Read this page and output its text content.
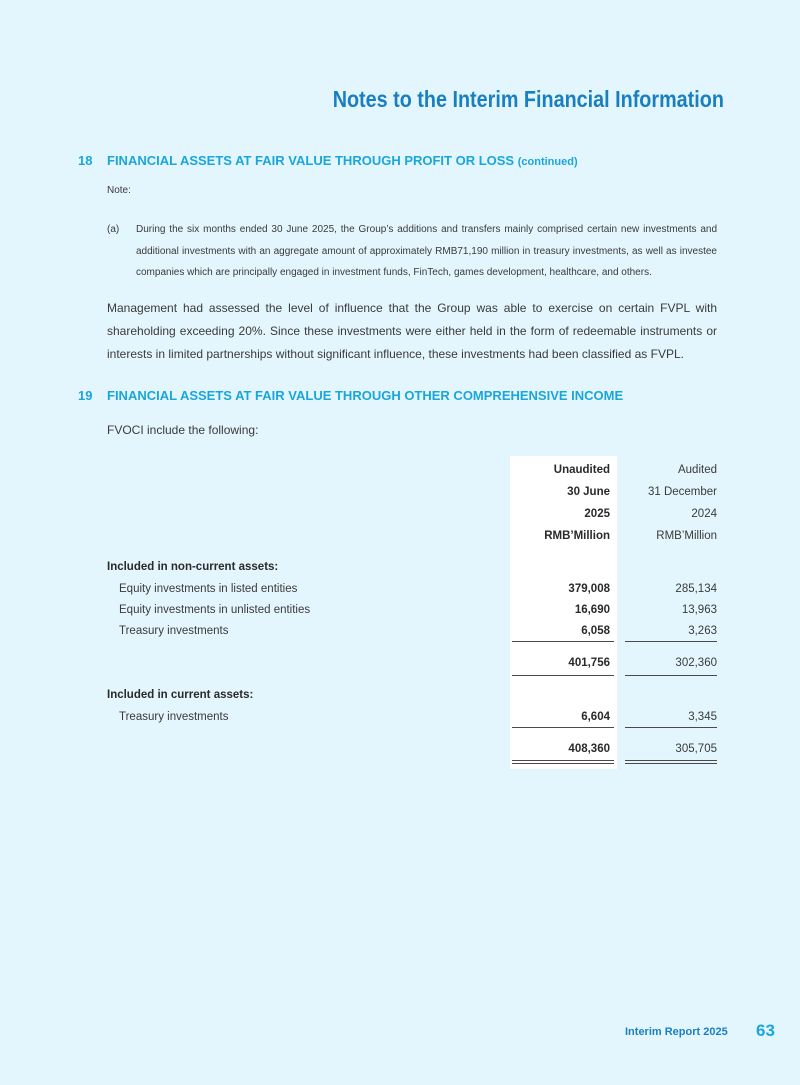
Notes to the Interim Financial Information
18 FINANCIAL ASSETS AT FAIR VALUE THROUGH PROFIT OR LOSS (continued)
Note:
(a) During the six months ended 30 June 2025, the Group’s additions and transfers mainly comprised certain new investments and additional investments with an aggregate amount of approximately RMB71,190 million in treasury investments, as well as investee companies which are principally engaged in investment funds, FinTech, games development, healthcare, and others.
Management had assessed the level of influence that the Group was able to exercise on certain FVPL with shareholding exceeding 20%. Since these investments were either held in the form of redeemable instruments or interests in limited partnerships without significant influence, these investments had been classified as FVPL.
19 FINANCIAL ASSETS AT FAIR VALUE THROUGH OTHER COMPREHENSIVE INCOME
FVOCI include the following:
Unaudited	Audited
30 June	31 December
2025	2024
RMB’Million	RMB’Million
Included in non-current assets:
Equity investments in listed entities	379,008	285,134
Equity investments in unlisted entities	16,690	13,963
Treasury investments	6,058	3,263
401,756	302,360
Included in current assets:
Treasury investments	6,604	3,345
408,360	305,705
Interim Report 2025 63
